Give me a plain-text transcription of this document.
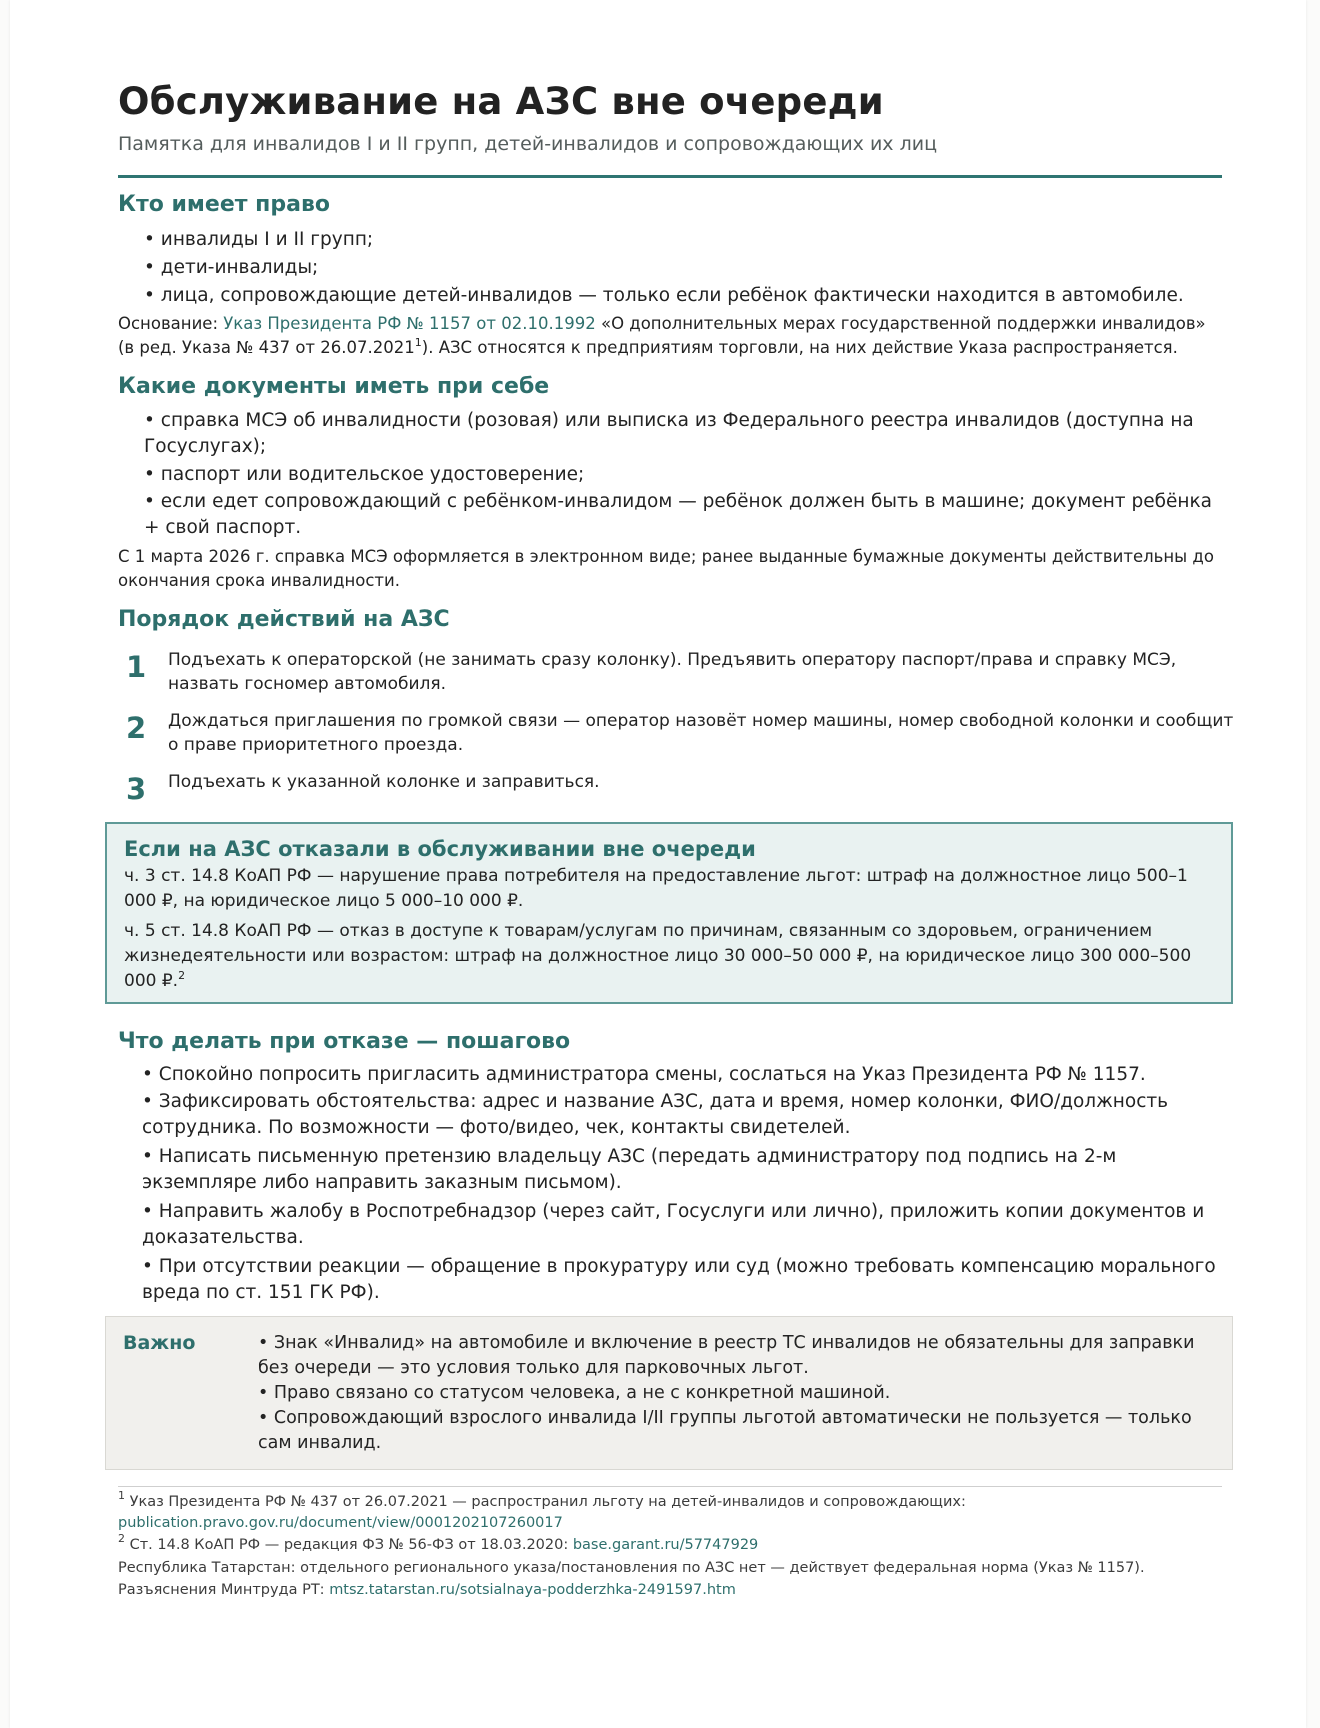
Обслуживание на АЗС вне очереди
Памятка для инвалидов I и II групп, детей-инвалидов и сопровождающих их лиц
Кто имеет право
• инвалиды I и II групп;
• дети-инвалиды;
• лица, сопровождающие детей-инвалидов — только если ребёнок фактически находится в автомобиле.
Основание: Указ Президента РФ № 1157 от 02.10.1992 «О дополнительных мерах государственной поддержки инвалидов»
(в ред. Указа № 437 от 26.07.2021$^1$). АЗС относятся к предприятиям торговли, на них действие Указа распространяется.
Какие документы иметь при себе
• справка МСЭ об инвалидности (розовая) или выписка из Федерального реестра инвалидов (доступна на Госуслугах);
• паспорт или водительское удостоверение;
• если едет сопровождающий с ребёнком-инвалидом — ребёнок должен быть в машине; документ ребёнка + свой паспорт.
С 1 марта 2026 г. справка МСЭ оформляется в электронном виде; ранее выданные бумажные документы действительны до
окончания срока инвалидности.
Порядок действий на АЗС
1 Подъехать к операторской (не занимать сразу колонку). Предъявить оператору паспорт/права и справку МСЭ, назвать госномер автомобиля.
2 Дождаться приглашения по громкой связи — оператор назовёт номер машины, номер свободной колонки и сообщит о праве приоритетного проезда.
3 Подъехать к указанной колонке и заправиться.
Если на АЗС отказали в обслуживании вне очереди
ч. 3 ст. 14.8 КоАП РФ — нарушение права потребителя на предоставление льгот: штраф на должностное лицо 500–1 000 ₽, на юридическое лицо 5 000–10 000 ₽.
ч. 5 ст. 14.8 КоАП РФ — отказ в доступе к товарам/услугам по причинам, связанным со здоровьем, ограничением жизнедеятельности или возрастом: штраф на должностное лицо 30 000–50 000 ₽, на юридическое лицо 300 000–500 000 ₽.$^2$
Что делать при отказе — пошагово
• Спокойно попросить пригласить администратора смены, сослаться на Указ Президента РФ № 1157.
• Зафиксировать обстоятельства: адрес и название АЗС, дата и время, номер колонки, ФИО/должность сотрудника. По возможности — фото/видео, чек, контакты свидетелей.
• Написать письменную претензию владельцу АЗС (передать администратору под подпись на 2-м экземпляре либо направить заказным письмом).
• Направить жалобу в Роспотребнадзор (через сайт, Госуслуги или лично), приложить копии документов и доказательства.
• При отсутствии реакции — обращение в прокуратуру или суд (можно требовать компенсацию морального вреда по ст. 151 ГК РФ).
Важно	• Знак «Инвалид» на автомобиле и включение в реестр ТС инвалидов не обязательны для заправки без очереди — это условия только для парковочных льгот.
• Право связано со статусом человека, а не с конкретной машиной.
• Сопровождающий взрослого инвалида I/II группы льготой автоматически не пользуется — только сам инвалид.
$^1$ Указ Президента РФ № 437 от 26.07.2021 — распространил льготу на детей-инвалидов и сопровождающих:
publication.pravo.gov.ru/document/view/0001202107260017
$^2$ Ст. 14.8 КоАП РФ — редакция ФЗ № 56-ФЗ от 18.03.2020: base.garant.ru/57747929
Республика Татарстан: отдельного регионального указа/постановления по АЗС нет — действует федеральная норма (Указ № 1157).
Разъяснения Минтруда РТ: mtsz.tatarstan.ru/sotsialnaya-podderzhka-2491597.htm
